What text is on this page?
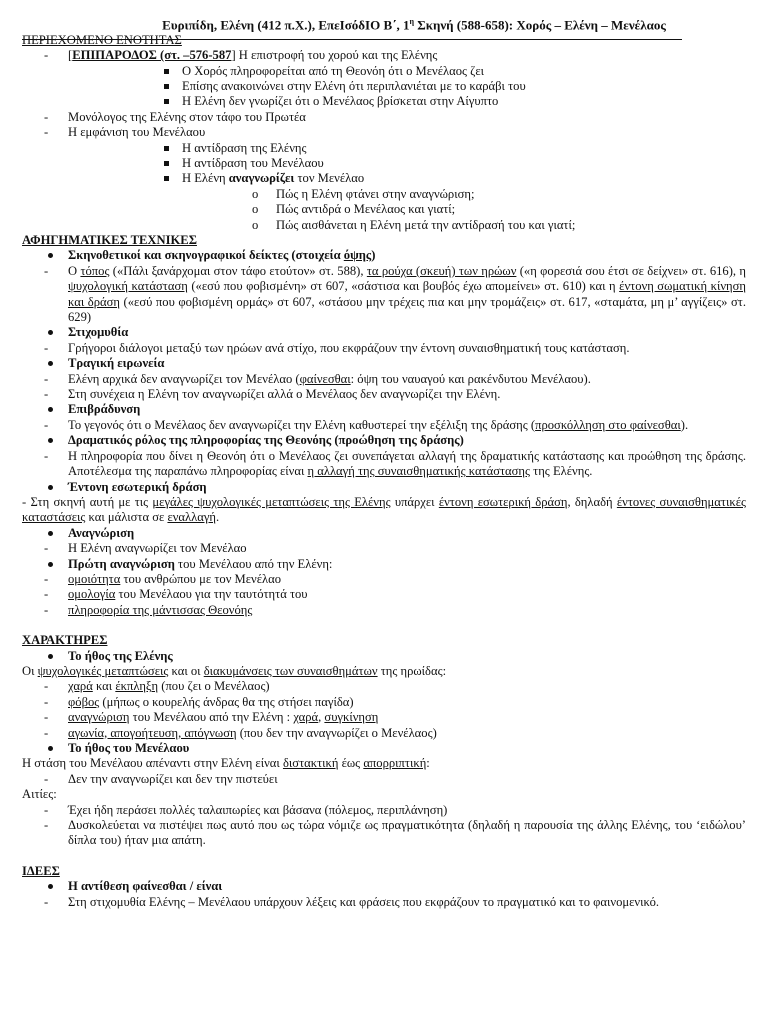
Ευριπίδη, Ελένη (412 π.Χ.), ΕπεIσόδIO Β΄, $1^\eta$ Σκηνή (588-658): Χορός – Ελένη – Μενέλαος
ΠΕΡΙΕΧΟΜΕΝΟ ΕΝΟΤΗΤΑΣ
- [ΕΠΙΠΑΡΟΔΟΣ (στ. –576-587] Η επιστροφή του χορού και της Ελένης
Ο Χορός πληροφορείται από τη Θεονόη ότι ο Μενέλαος ζει
Επίσης ανακοινώνει στην Ελένη ότι περιπλανιέται με το καράβι του
Η Ελένη δεν γνωρίζει ότι ο Μενέλαος βρίσκεται στην Αίγυπτο
- Μονόλογος της Ελένης στον τάφο του Πρωτέα
- Η εμφάνιση του Μενέλαου
Η αντίδραση της Ελένης
Η αντίδραση του Μενέλαου
Η Ελένη αναγνωρίζει τον Μενέλαο
o Πώς η Ελένη φτάνει στην αναγνώριση;
o Πώς αντιδρά ο Μενέλαος και γιατί;
o Πώς αισθάνεται η Ελένη μετά την αντίδρασή του και γιατί;
ΑΦΗΓΗΜΑΤΙΚΕΣ ΤΕΧΝΙΚΕΣ
Σκηνοθετικοί και σκηνογραφικοί δείκτες (στοιχεία όψης)
- Ο τόπος («Πάλι ξανάρχομαι στον τάφο ετούτον» στ. 588), τα ρούχα (σκευή) των ηρώων («η φορεσιά σου έτσι σε δείχνει» στ. 616), η ψυχολογική κατάσταση («εσύ που φοβισμένη» στ 607, «σάστισα και βουβός έχω απομείνει» στ. 610) και η έντονη σωματική κίνηση και δράση («εσύ που φοβισμένη ορμάς» στ 607, «στάσου μην τρέχεις πια και μην τρομάζεις» στ. 617, «σταμάτα, μη μ’ αγγίζεις» στ. 629)
Στιχομυθία
- Γρήγοροι διάλογοι μεταξύ των ηρώων ανά στίχο, που εκφράζουν την έντονη συναισθηματική τους κατάσταση.
Τραγική ειρωνεία
- Ελένη αρχικά δεν αναγνωρίζει τον Μενέλαο (φαίνεσθαι: όψη του ναυαγού και ρακένδυτου Μενέλαου).
- Στη συνέχεια η Ελένη τον αναγνωρίζει αλλά ο Μενέλαος δεν αναγνωρίζει την Ελένη.
Επιβράδυνση
- Το γεγονός ότι ο Μενέλαος δεν αναγνωρίζει την Ελένη καθυστερεί την εξέλιξη της δράσης (προσκόλληση στο φαίνεσθαι).
Δραματικός ρόλος της πληροφορίας της Θεονόης (προώθηση της δράσης)
- Η πληροφορία που δίνει η Θεονόη ότι ο Μενέλαος ζει συνεπάγεται αλλαγή της δραματικής κατάστασης και προώθηση της δράσης. Αποτέλεσμα της παραπάνω πληροφορίας είναι η αλλαγή της συναισθηματικής κατάστασης της Ελένης.
Έντονη εσωτερική δράση
- Στη σκηνή αυτή με τις μεγάλες ψυχολογικές μεταπτώσεις της Ελένης υπάρχει έντονη εσωτερική δράση, δηλαδή έντονες συναισθηματικές καταστάσεις και μάλιστα σε εναλλαγή.
Αναγνώριση
- Η Ελένη αναγνωρίζει τον Μενέλαο
Πρώτη αναγνώριση του Μενέλαου από την Ελένη:
- ομοιότητα του ανθρώπου με τον Μενέλαο
- ομολογία του Μενέλαου για την ταυτότητά του
- πληροφορία της μάντισσας Θεονόης
ΧΑΡΑΚΤΗΡΕΣ
Το ήθος της Ελένης
Οι ψυχολογικές μεταπτώσεις και οι διακυμάνσεις των συναισθημάτων της ηρωίδας:
- χαρά και έκπληξη (που ζει ο Μενέλαος)
- φόβος (μήπως ο κουρελής άνδρας θα της στήσει παγίδα)
- αναγνώριση του Μενέλαου από την Ελένη : χαρά, συγκίνηση
- αγωνία, απογοήτευση, απόγνωση (που δεν την αναγνωρίζει ο Μενέλαος)
Το ήθος του Μενέλαου
Η στάση του Μενέλαου απέναντι στην Ελένη είναι διστακτική έως απορριπτική:
- Δεν την αναγνωρίζει και δεν την πιστεύει
Αιτίες:
- Έχει ήδη περάσει πολλές ταλαιπωρίες και βάσανα (πόλεμος, περιπλάνηση)
- Δυσκολεύεται να πιστέψει πως αυτό που ως τώρα νόμιζε ως πραγματικότητα (δηλαδή η παρουσία της άλλης Ελένης, του ‘ειδώλου’ δίπλα του) ήταν μια απάτη.
ΙΔΕΕΣ
Η αντίθεση φαίνεσθαι / είναι
- Στη στιχομυθία Ελένης – Μενέλαου υπάρχουν λέξεις και φράσεις που εκφράζουν το πραγματικό και το φαινομενικό.
